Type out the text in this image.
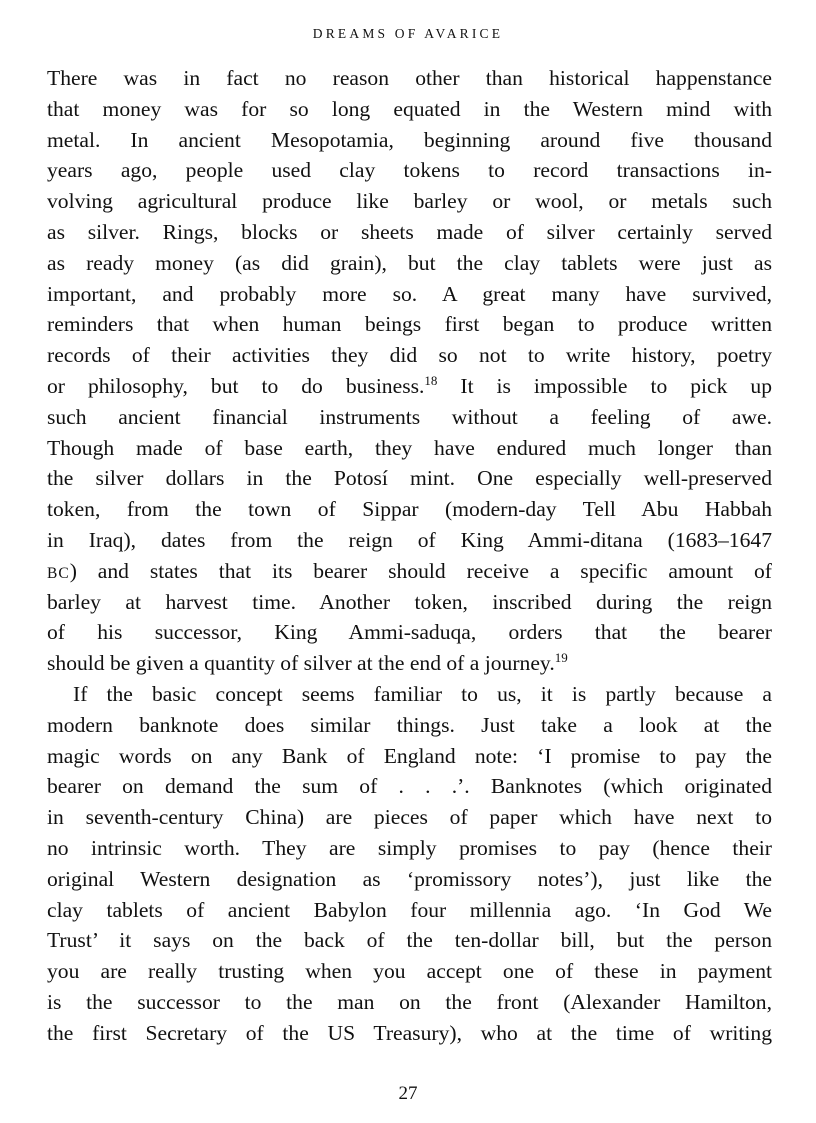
DREAMS OF AVARICE
There was in fact no reason other than historical happenstance
that money was for so long equated in the Western mind with
metal. In ancient Mesopotamia, beginning around five thousand
years ago, people used clay tokens to record transactions in-
volving agricultural produce like barley or wool, or metals such
as silver. Rings, blocks or sheets made of silver certainly served
as ready money (as did grain), but the clay tablets were just as
important, and probably more so. A great many have survived,
reminders that when human beings first began to produce written
records of their activities they did so not to write history, poetry
or philosophy, but to do business.$^{18}$ It is impossible to pick up
such ancient financial instruments without a feeling of awe.
Though made of base earth, they have endured much longer than
the silver dollars in the Potosí mint. One especially well-preserved
token, from the town of Sippar (modern-day Tell Abu Habbah
in Iraq), dates from the reign of King Ammi-ditana (1683–1647
BC) and states that its bearer should receive a specific amount of
barley at harvest time. Another token, inscribed during the reign
of his successor, King Ammi-saduqa, orders that the bearer
should be given a quantity of silver at the end of a journey.$^{19}$
If the basic concept seems familiar to us, it is partly because a
modern banknote does similar things. Just take a look at the
magic words on any Bank of England note: ‘I promise to pay the
bearer on demand the sum of . . .’. Banknotes (which originated
in seventh-century China) are pieces of paper which have next to
no intrinsic worth. They are simply promises to pay (hence their
original Western designation as ‘promissory notes’), just like the
clay tablets of ancient Babylon four millennia ago. ‘In God We
Trust’ it says on the back of the ten-dollar bill, but the person
you are really trusting when you accept one of these in payment
is the successor to the man on the front (Alexander Hamilton,
the first Secretary of the US Treasury), who at the time of writing
27
